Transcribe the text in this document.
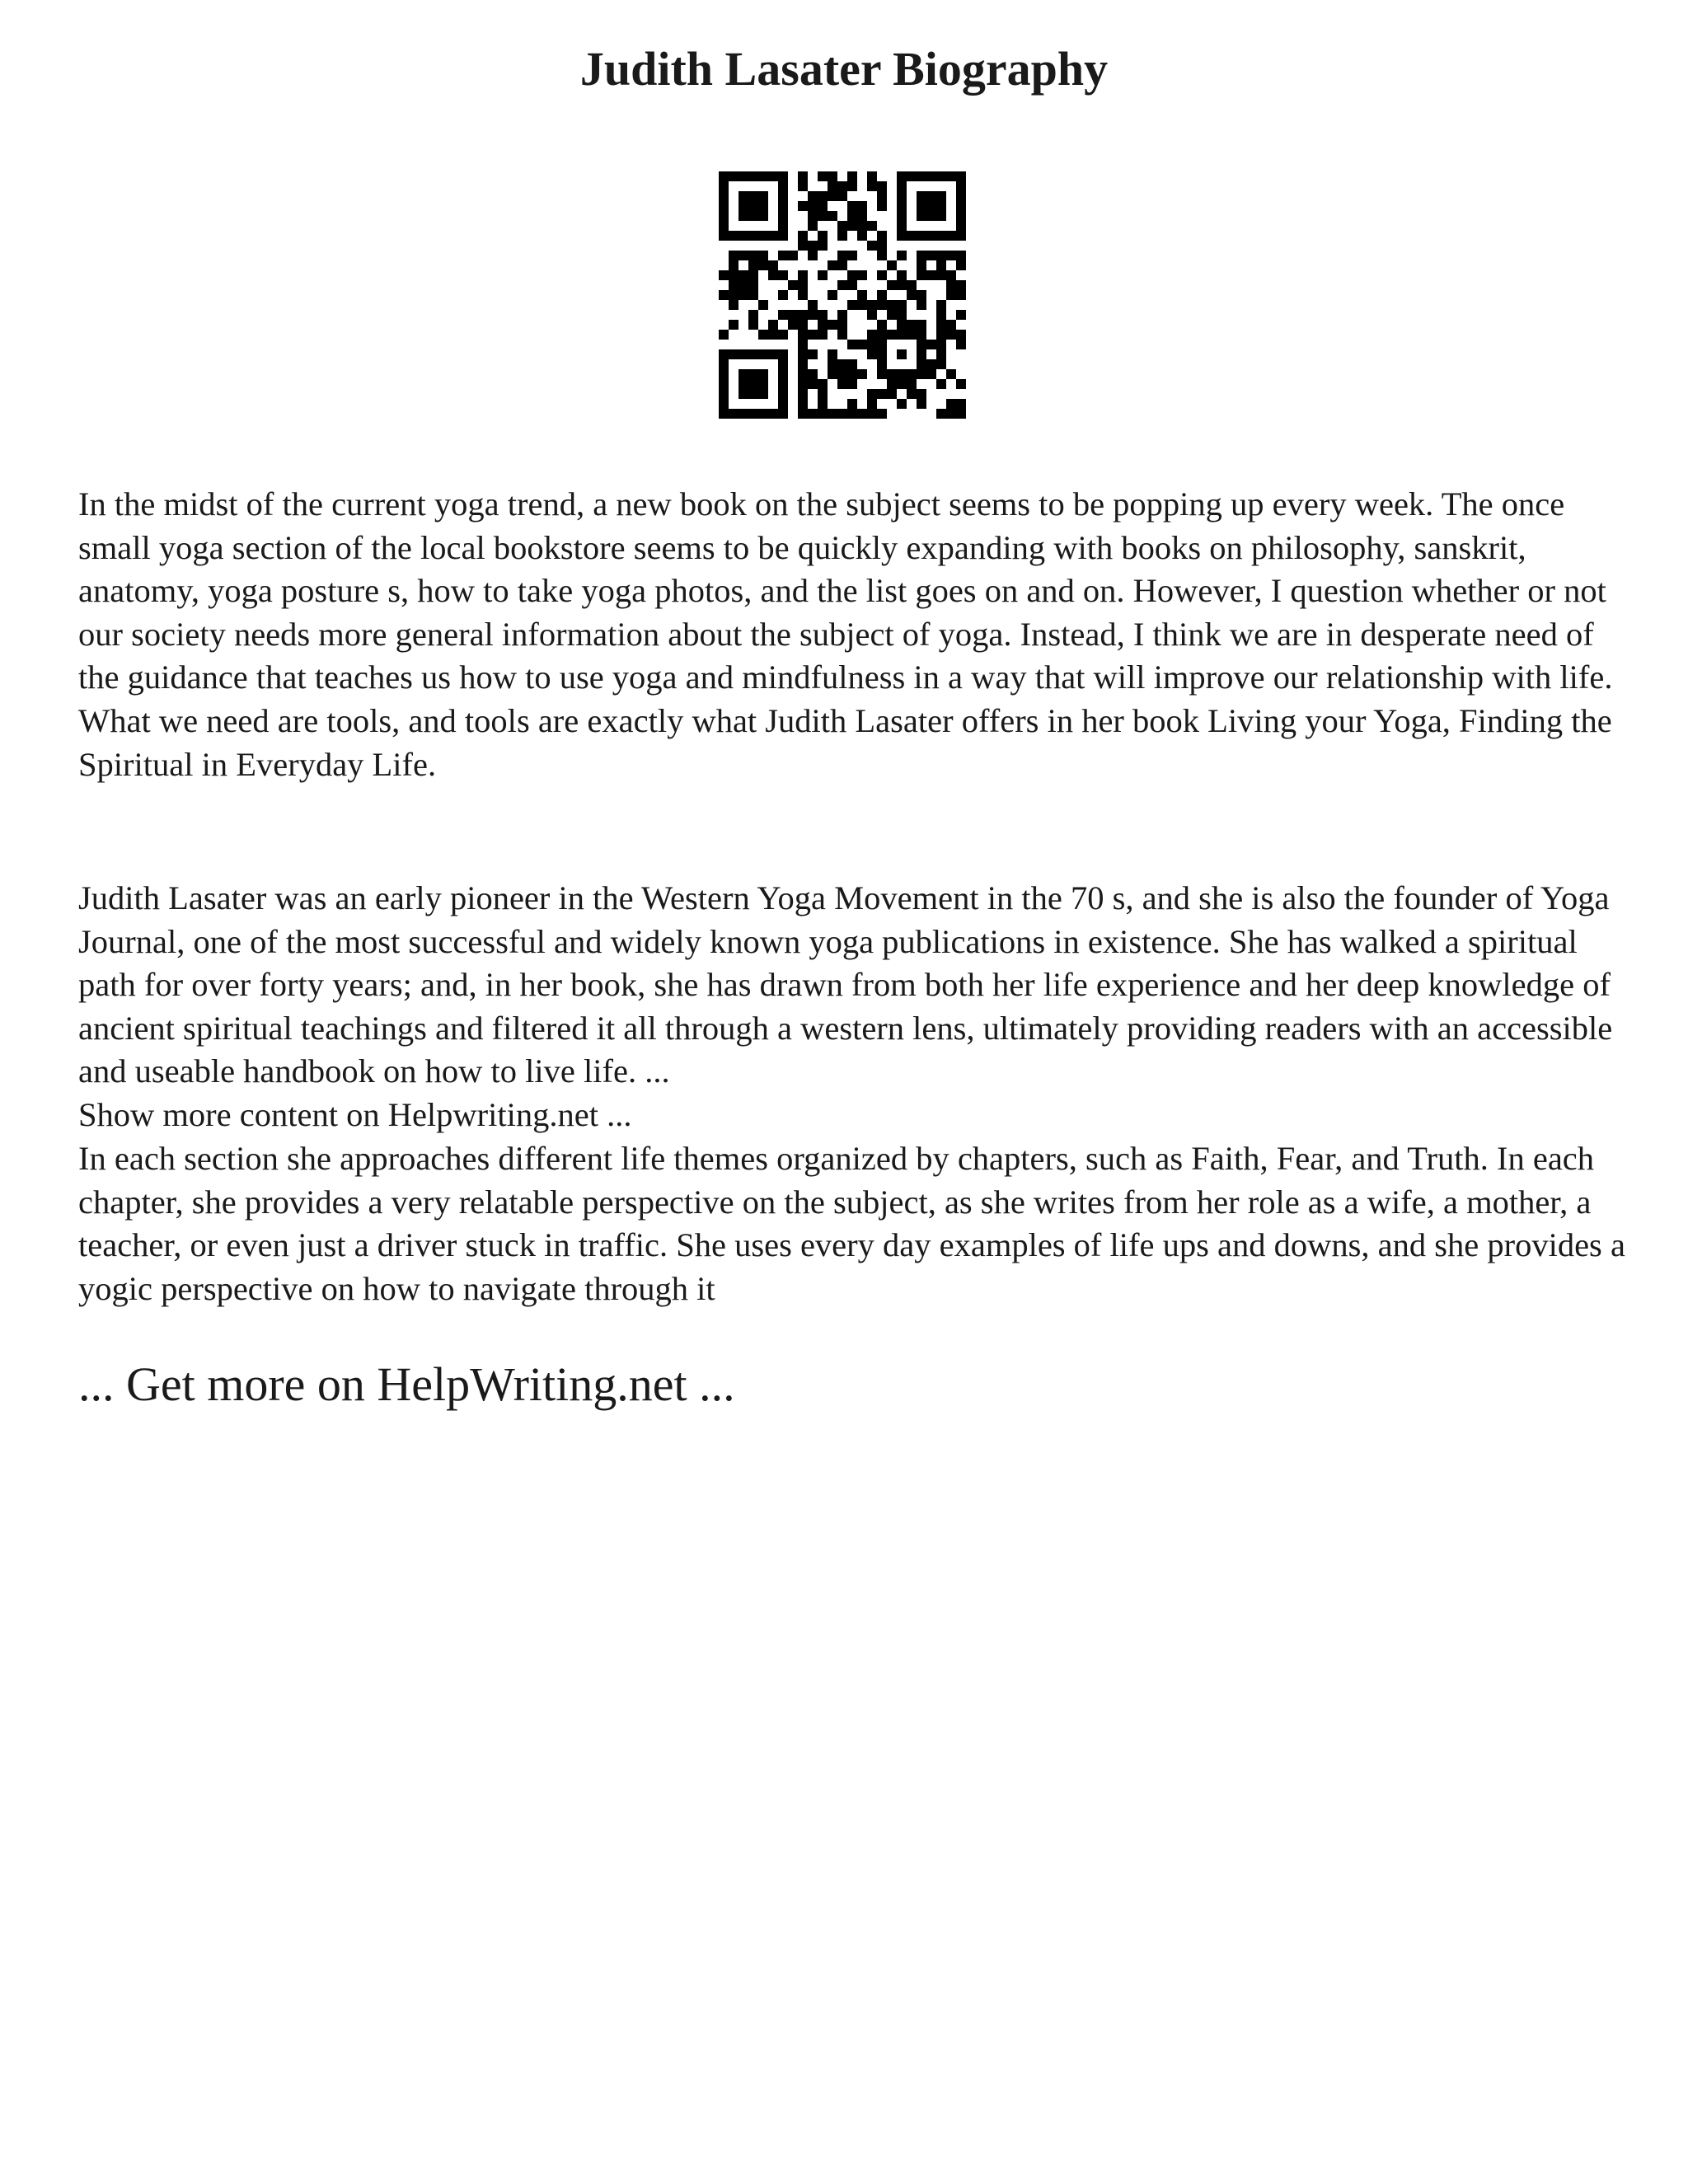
Judith Lasater Biography

In the midst of the current yoga trend, a new book on the subject seems to be popping up every week. The once small yoga section of the local bookstore seems to be quickly expanding with books on philosophy, sanskrit, anatomy, yoga posture s, how to take yoga photos, and the list goes on and on. However, I question whether or not our society needs more general information about the subject of yoga. Instead, I think we are in desperate need of the guidance that teaches us how to use yoga and mindfulness in a way that will improve our relationship with life. What we need are tools, and tools are exactly what Judith Lasater offers in her book Living your Yoga, Finding the Spiritual in Everyday Life.

Judith Lasater was an early pioneer in the Western Yoga Movement in the 70 s, and she is also the founder of Yoga Journal, one of the most successful and widely known yoga publications in existence. She has walked a spiritual path for over forty years; and, in her book, she has drawn from both her life experience and her deep knowledge of ancient spiritual teachings and filtered it all through a western lens, ultimately providing readers with an accessible and useable handbook on how to live life. ...
Show more content on Helpwriting.net ...

In each section she approaches different life themes organized by chapters, such as Faith, Fear, and Truth. In each chapter, she provides a very relatable perspective on the subject, as she writes from her role as a wife, a mother, a teacher, or even just a driver stuck in traffic. She uses every day examples of life ups and downs, and she provides a yogic perspective on how to navigate through it

... Get more on HelpWriting.net ...
